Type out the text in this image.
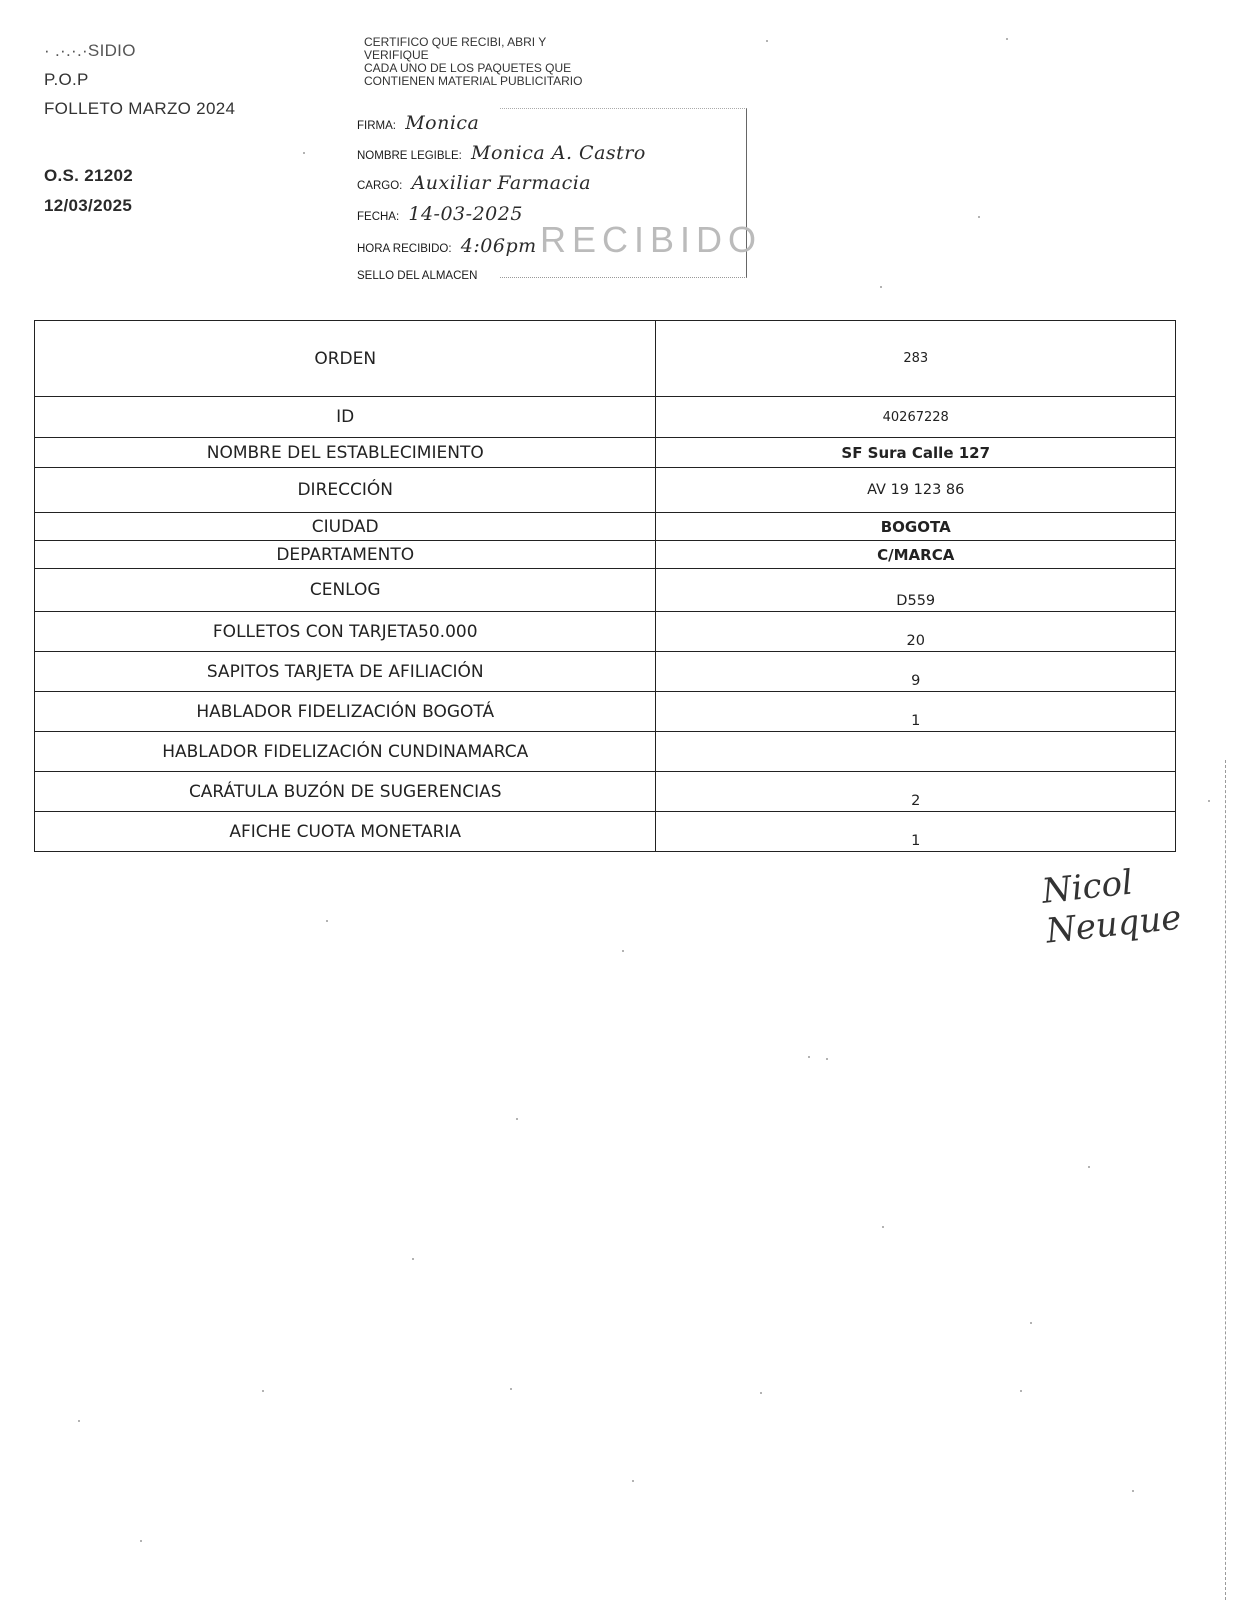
· .·.·.·SIDIO
P.O.P
FOLLETO MARZO 2024
O.S. 21202
12/03/2025
CERTIFICO QUE RECIBI, ABRI Y
VERIFIQUE
CADA UNO DE LOS PAQUETES QUE
CONTIENEN MATERIAL PUBLICITARIO
RECIBIDO
FIRMA: Monica
NOMBRE LEGIBLE: Monica A. Castro
CARGO: Auxiliar Farmacia
FECHA: 14-03-2025
HORA RECIBIDO: 4:06pm
SELLO DEL ALMACEN
ORDEN	283
ID	40267228
NOMBRE DEL ESTABLECIMIENTO	SF Sura Calle 127
DIRECCIÓN	AV 19 123 86
CIUDAD	BOGOTA
DEPARTAMENTO	C/MARCA
CENLOG	D559
FOLLETOS CON TARJETA50.000	20
SAPITOS TARJETA DE AFILIACIÓN	9
HABLADOR FIDELIZACIÓN BOGOTÁ	1
HABLADOR FIDELIZACIÓN CUNDINAMARCA	
CARÁTULA BUZÓN DE SUGERENCIAS	2
AFICHE CUOTA MONETARIA	1
Nicol
Neuque
